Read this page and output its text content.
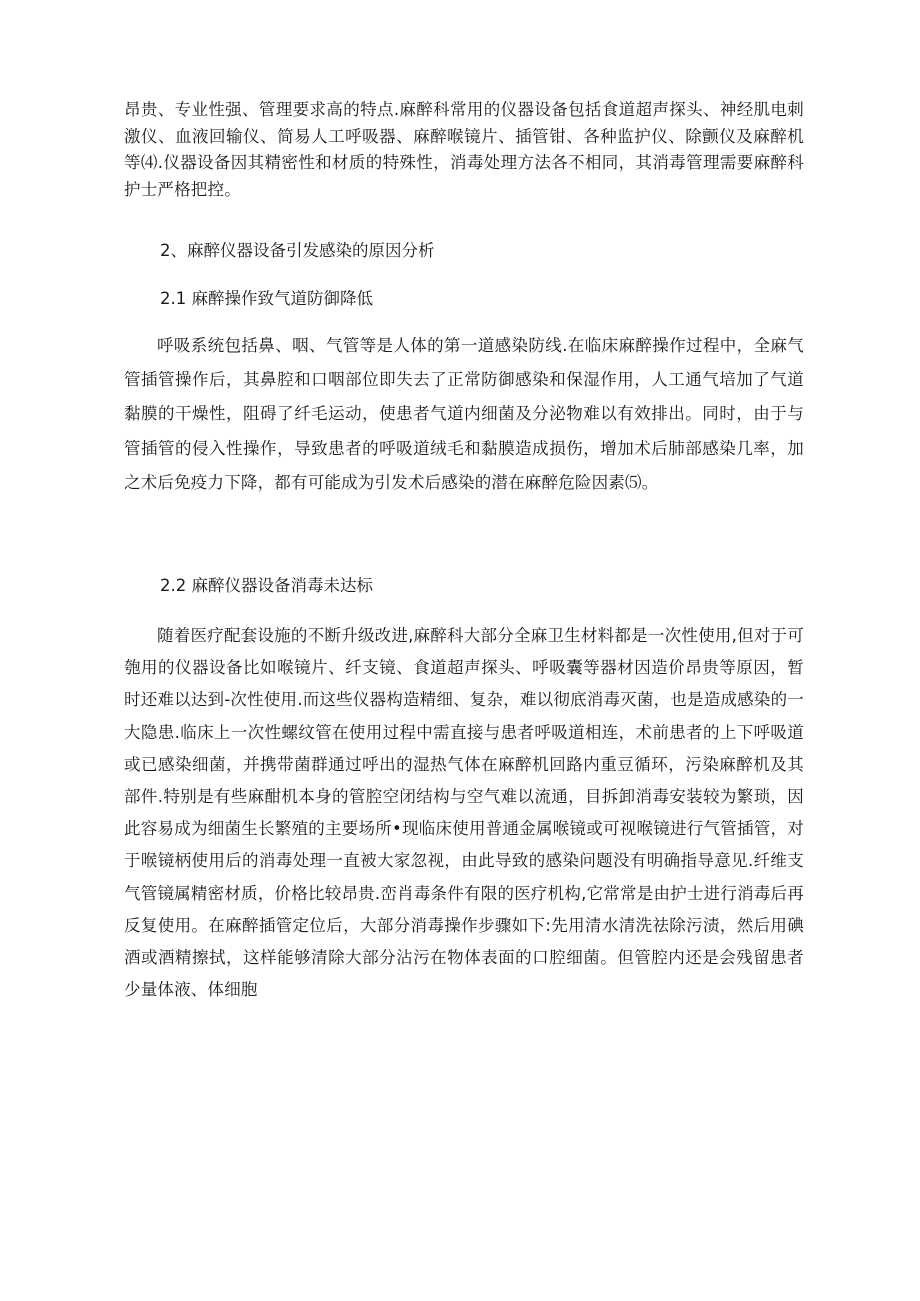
昂贵、专业性强、管理要求高的特点.麻醉科常用的仪器设备包括食道超声探头、神经肌电刺激仪、血液回输仪、简易人工呼吸器、麻醉喉镜片、插管钳、各种监护仪、除颤仪及麻醉机等⑷.仪器设备因其精密性和材质的特殊性，消毒处理方法各不相同，其消毒管理需要麻醉科护士严格把控。

2、麻醉仪器设备引发感染的原因分析
2.1 麻醉操作致气道防御降低

呼吸系统包括鼻、咽、气管等是人体的第一道感染防线.在临床麻醉操作过程中，全麻气管插管操作后，其鼻腔和口咽部位即失去了正常防御感染和保湿作用，人工通气培加了气道黏膜的干燥性，阻碍了纤毛运动，使患者气道内细菌及分泌物难以有效排出。同时，由于与管插管的侵入性操作，导致患者的呼吸道绒毛和黏膜造成损伤，增加术后肺部感染几率，加之术后免疫力下降，都有可能成为引发术后感染的潜在麻醉危险因素⑸。

2.2 麻醉仪器设备消毒未达标

随着医疗配套设施的不断升级改进,麻醉科大部分全麻卫生材料都是一次性使用,但对于可匏用的仪器设备比如喉镜片、纤支镜、食道超声探头、呼吸囊等器材因造价昂贵等原因，暂时还难以达到-次性使用.而这些仪器构造精细、复杂，难以彻底消毒灭菌，也是造成感染的一大隐患.临床上一次性螺纹管在使用过程中需直接与患者呼吸道相连，术前患者的上下呼吸道或已感染细菌，并携带菌群通过呼出的湿热气体在麻醉机回路内重豆循环，污染麻醉机及其部件.特别是有些麻酣机本身的管腔空闭结构与空气难以流通，目拆卸消毒安装较为繁琐，因此容易成为细菌生长繁殖的主要场所•现临床使用普通金属喉镜或可视喉镜进行气管插管，对于喉镜柄使用后的消毒处理一直被大家忽视，由此导致的感染问题没有明确指导意见.纤维支气管镜属精密材质，价格比较昂贵.峦肖毒条件有限的医疗机构,它常常是由护士进行消毒后再反复使用。在麻醉插管定位后，大部分消毒操作步骤如下:先用清水清洗祛除污渍，然后用碘酒或酒精擦拭，这样能够清除大部分沾污在物体表面的口腔细菌。但管腔内还是会残留患者少量体液、体细胞
